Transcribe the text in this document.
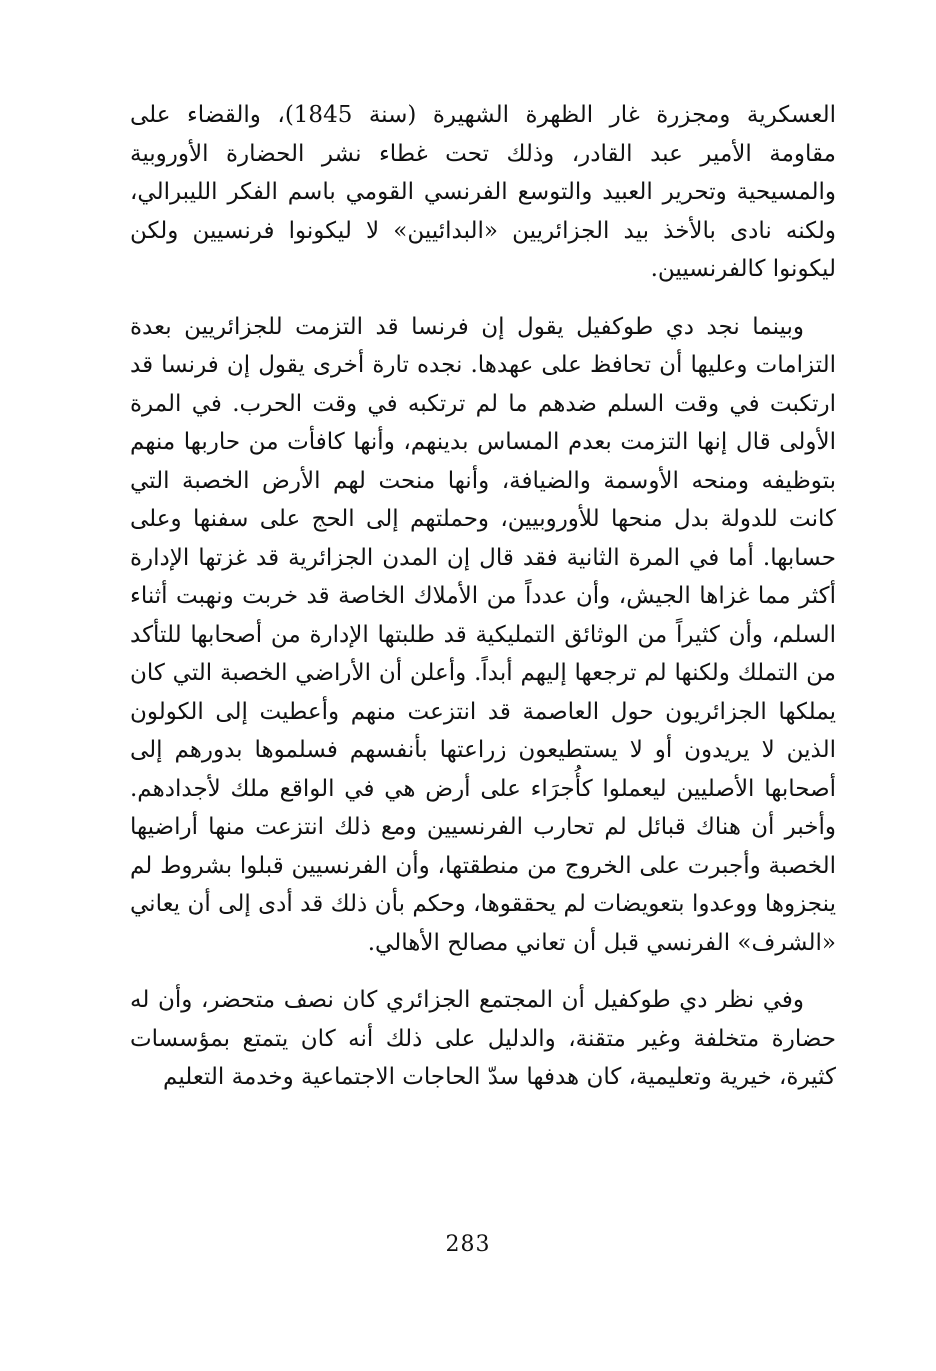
العسكرية ومجزرة غار الظهرة الشهيرة (سنة 1845)، والقضاء على مقاومة الأمير عبد القادر، وذلك تحت غطاء نشر الحضارة الأوروبية والمسيحية وتحرير العبيد والتوسع الفرنسي القومي باسم الفكر الليبرالي، ولكنه نادى بالأخذ بيد الجزائريين «البدائيين» لا ليكونوا فرنسيين ولكن ليكونوا كالفرنسيين.

وبينما نجد دي طوكفيل يقول إن فرنسا قد التزمت للجزائريين بعدة التزامات وعليها أن تحافظ على عهدها. نجده تارة أخرى يقول إن فرنسا قد ارتكبت في وقت السلم ضدهم ما لم ترتكبه في وقت الحرب. في المرة الأولى قال إنها التزمت بعدم المساس بدينهم، وأنها كافأت من حاربها منهم بتوظيفه ومنحه الأوسمة والضيافة، وأنها منحت لهم الأرض الخصبة التي كانت للدولة بدل منحها للأوروبيين، وحملتهم إلى الحج على سفنها وعلى حسابها. أما في المرة الثانية فقد قال إن المدن الجزائرية قد غزتها الإدارة أكثر مما غزاها الجيش، وأن عدداً من الأملاك الخاصة قد خربت ونهبت أثناء السلم، وأن كثيراً من الوثائق التمليكية قد طلبتها الإدارة من أصحابها للتأكد من التملك ولكنها لم ترجعها إليهم أبداً. وأعلن أن الأراضي الخصبة التي كان يملكها الجزائريون حول العاصمة قد انتزعت منهم وأعطيت إلى الكولون الذين لا يريدون أو لا يستطيعون زراعتها بأنفسهم فسلموها بدورهم إلى أصحابها الأصليين ليعملوا كأُجرَاء على أرض هي في الواقع ملك لأجدادهم. وأخبر أن هناك قبائل لم تحارب الفرنسيين ومع ذلك انتزعت منها أراضيها الخصبة وأجبرت على الخروج من منطقتها، وأن الفرنسيين قبلوا بشروط لم ينجزوها ووعدوا بتعويضات لم يحققوها، وحكم بأن ذلك قد أدى إلى أن يعاني «الشرف» الفرنسي قبل أن تعاني مصالح الأهالي.

وفي نظر دي طوكفيل أن المجتمع الجزائري كان نصف متحضر، وأن له حضارة متخلفة وغير متقنة، والدليل على ذلك أنه كان يتمتع بمؤسسات كثيرة، خيرية وتعليمية، كان هدفها سدّ الحاجات الاجتماعية وخدمة التعليم

283
